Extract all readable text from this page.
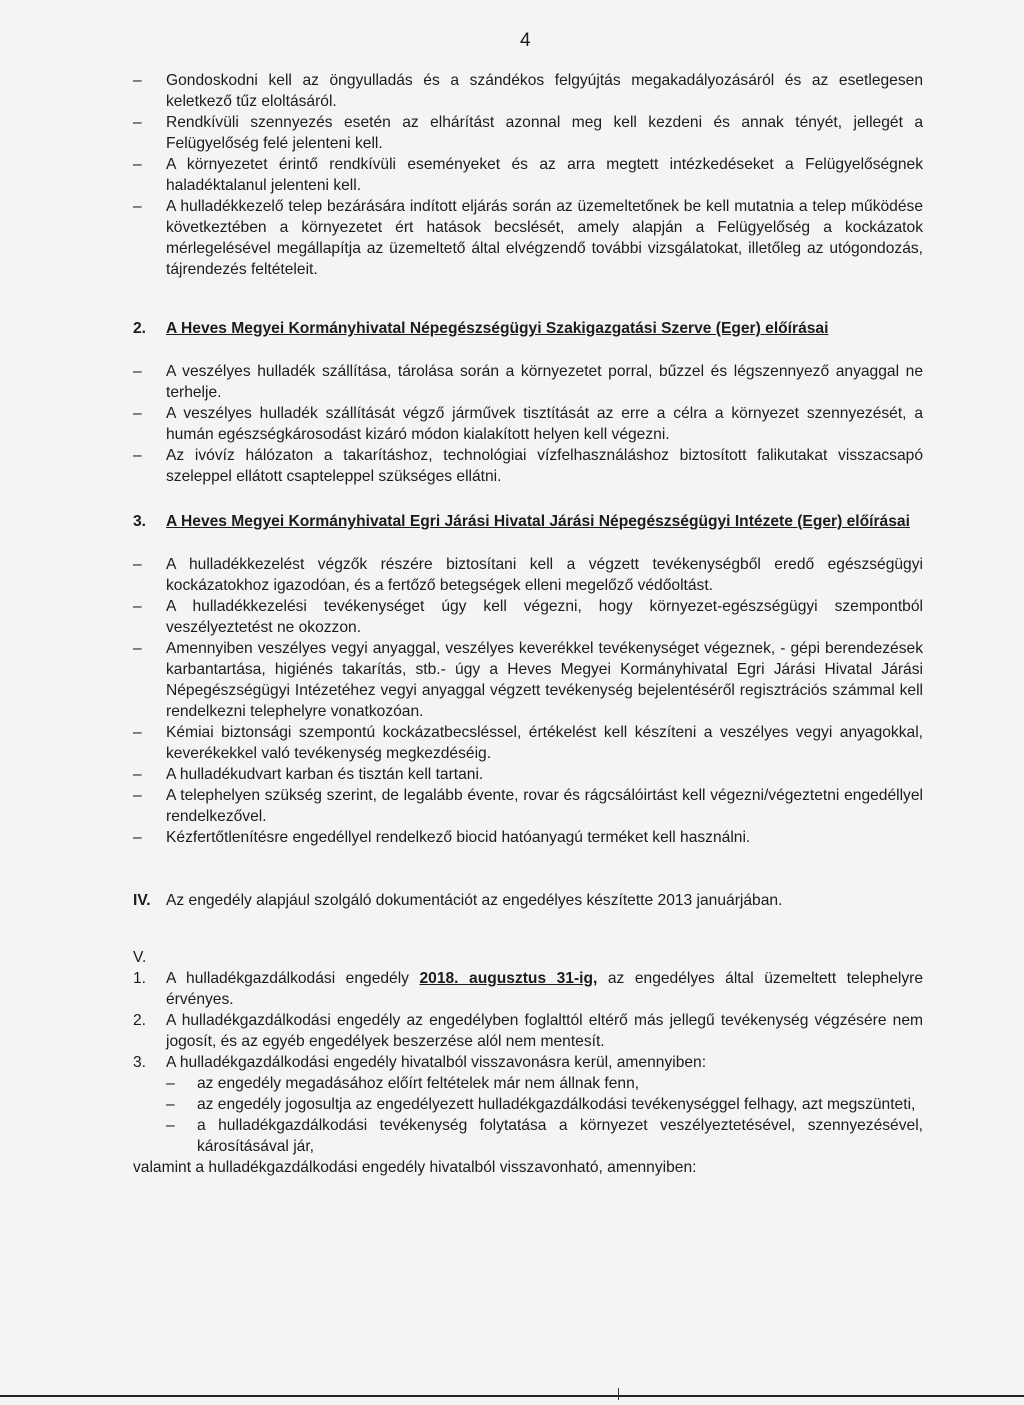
4
– Gondoskodni kell az öngyulladás és a szándékos felgyújtás megakadályozásáról és az esetlegesen keletkező tűz eloltásáról.
– Rendkívüli szennyezés esetén az elhárítást azonnal meg kell kezdeni és annak tényét, jellegét a Felügyelőség felé jelenteni kell.
– A környezetet érintő rendkívüli eseményeket és az arra megtett intézkedéseket a Felügyelőségnek haladéktalanul jelenteni kell.
– A hulladékkezelő telep bezárására indított eljárás során az üzemeltetőnek be kell mutatnia a telep működése következtében a környezetet ért hatások becslését, amely alapján a Felügyelőség a kockázatok mérlegelésével megállapítja az üzemeltető által elvégzendő további vizsgálatokat, illetőleg az utógondozás, tájrendezés feltételeit.
2. A Heves Megyei Kormányhivatal Népegészségügyi Szakigazgatási Szerve (Eger) előírásai
– A veszélyes hulladék szállítása, tárolása során a környezetet porral, bűzzel és légszennyező anyaggal ne terhelje.
– A veszélyes hulladék szállítását végző járművek tisztítását az erre a célra a környezet szennyezését, a humán egészségkárosodást kizáró módon kialakított helyen kell végezni.
– Az ivóvíz hálózaton a takarításhoz, technológiai vízfelhasználáshoz biztosított falikutakat visszacsapó szeleppel ellátott csapteleppel szükséges ellátni.
3. A Heves Megyei Kormányhivatal Egri Járási Hivatal Járási Népegészségügyi Intézete (Eger) előírásai
– A hulladékkezelést végzők részére biztosítani kell a végzett tevékenységből eredő egészségügyi kockázatokhoz igazodóan, és a fertőző betegségek elleni megelőző védőoltást.
– A hulladékkezelési tevékenységet úgy kell végezni, hogy környezet-egészségügyi szempontból veszélyeztetést ne okozzon.
– Amennyiben veszélyes vegyi anyaggal, veszélyes keverékkel tevékenységet végeznek, - gépi berendezések karbantartása, higiénés takarítás, stb.- úgy a Heves Megyei Kormányhivatal Egri Járási Hivatal Járási Népegészségügyi Intézetéhez vegyi anyaggal végzett tevékenység bejelentéséről regisztrációs számmal kell rendelkezni telephelyre vonatkozóan.
– Kémiai biztonsági szempontú kockázatbecsléssel, értékelést kell készíteni a veszélyes vegyi anyagokkal, keverékekkel való tevékenység megkezdéséig.
– A hulladékudvart karban és tisztán kell tartani.
– A telephelyen szükség szerint, de legalább évente, rovar és rágcsálóirtást kell végezni/végeztetni engedéllyel rendelkezővel.
– Kézfertőtlenítésre engedéllyel rendelkező biocid hatóanyagú terméket kell használni.
IV. Az engedély alapjául szolgáló dokumentációt az engedélyes készítette 2013 januárjában.
V.

1. A hulladékgazdálkodási engedély 2018. augusztus 31-ig, az engedélyes által üzemeltett telephelyre érvényes.
2. A hulladékgazdálkodási engedély az engedélyben foglalttól eltérő más jellegű tevékenység végzésére nem jogosít, és az egyéb engedélyek beszerzése alól nem mentesít.
3. A hulladékgazdálkodási engedély hivatalból visszavonásra kerül, amennyiben:
– az engedély megadásához előírt feltételek már nem állnak fenn,
– az engedély jogosultja az engedélyezett hulladékgazdálkodási tevékenységgel felhagy, azt megszünteti,
– a hulladékgazdálkodási tevékenység folytatása a környezet veszélyeztetésével, szennyezésével, károsításával jár,
valamint a hulladékgazdálkodási engedély hivatalból visszavonható, amennyiben:
